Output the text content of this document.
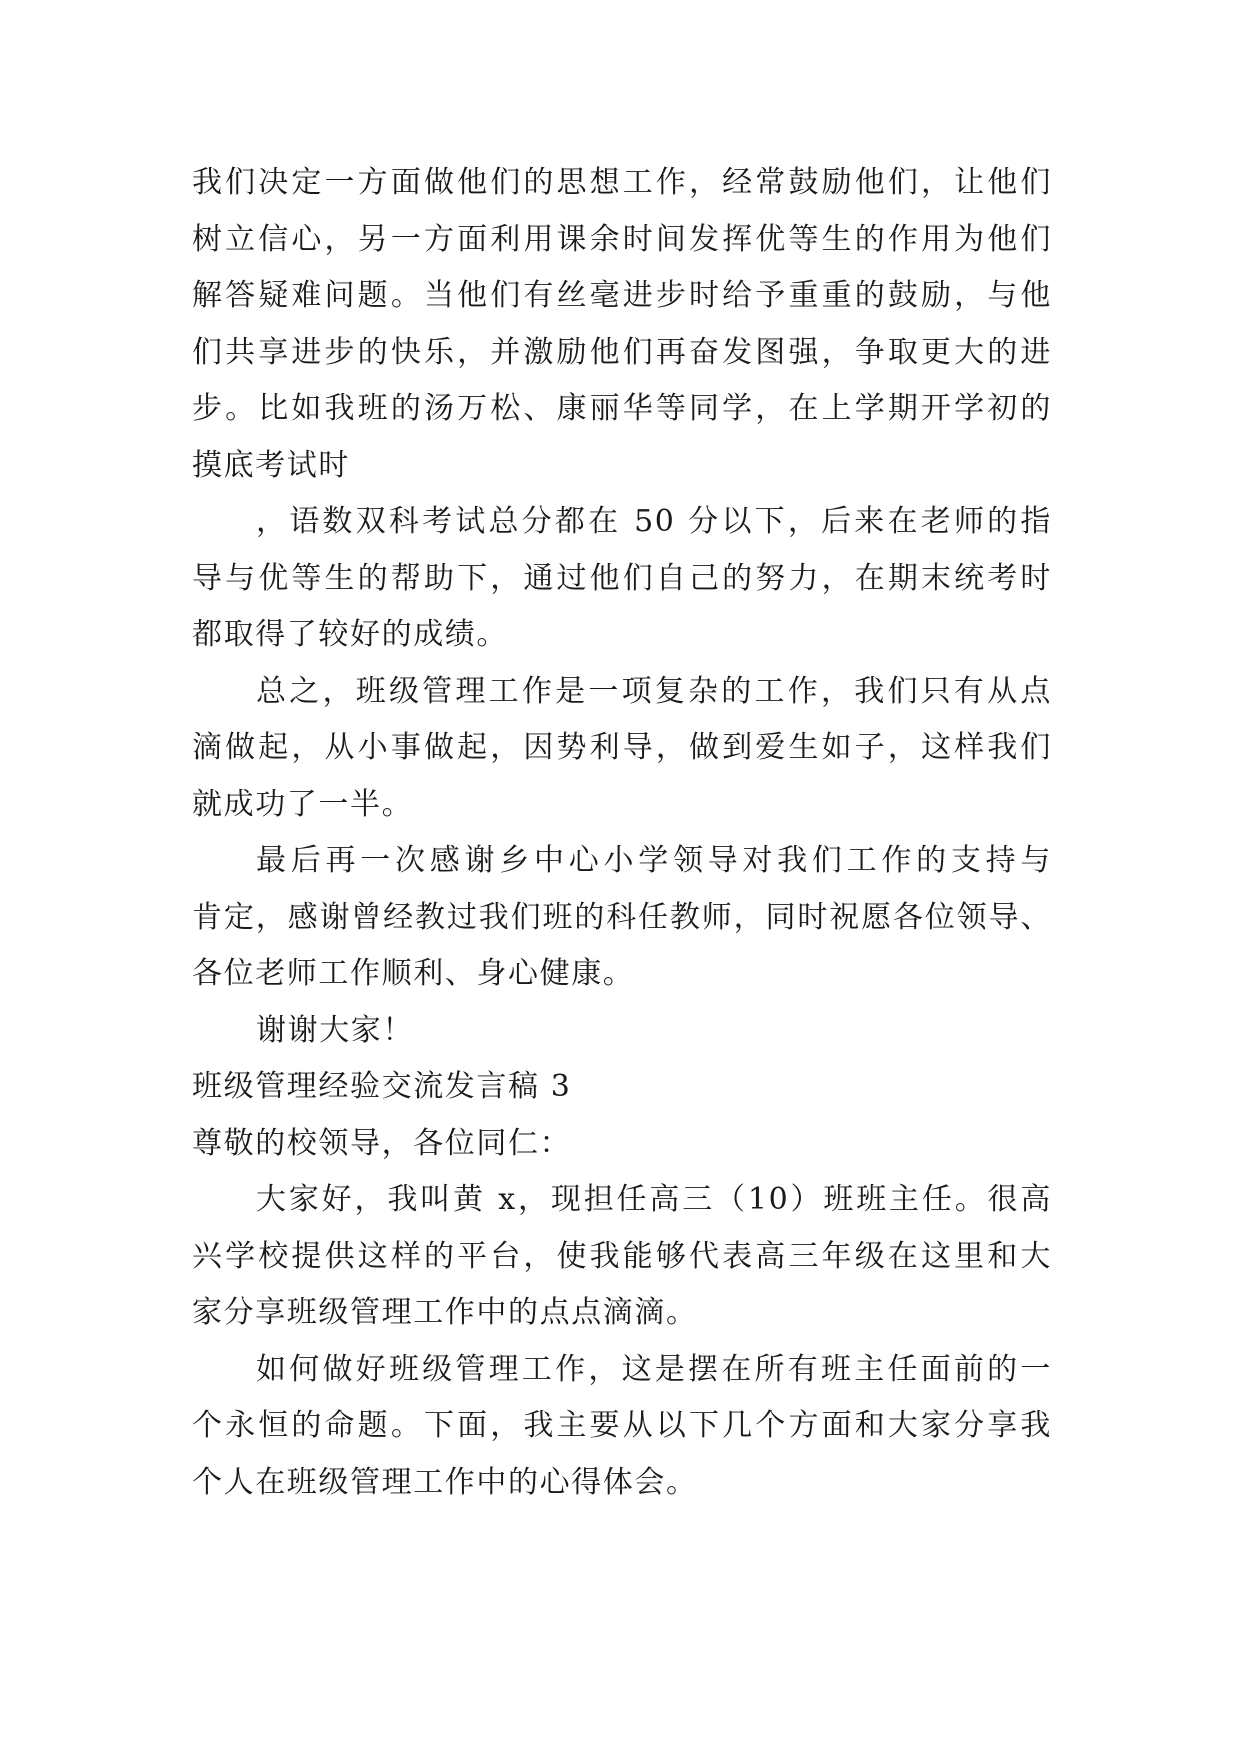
我们决定一方面做他们的思想工作，经常鼓励他们，让他们
树立信心，另一方面利用课余时间发挥优等生的作用为他们
解答疑难问题。当他们有丝毫进步时给予重重的鼓励，与他
们共享进步的快乐，并激励他们再奋发图强，争取更大的进
步。比如我班的汤万松、康丽华等同学，在上学期开学初的
摸底考试时
，语数双科考试总分都在 50 分以下，后来在老师的指
导与优等生的帮助下，通过他们自己的努力，在期末统考时
都取得了较好的成绩。
总之，班级管理工作是一项复杂的工作，我们只有从点
滴做起，从小事做起，因势利导，做到爱生如子，这样我们
就成功了一半。
最后再一次感谢乡中心小学领导对我们工作的支持与
肯定，感谢曾经教过我们班的科任教师，同时祝愿各位领导、
各位老师工作顺利、身心健康。
谢谢大家！
班级管理经验交流发言稿 3
尊敬的校领导，各位同仁：
大家好，我叫黄 x，现担任高三（10）班班主任。很高
兴学校提供这样的平台，使我能够代表高三年级在这里和大
家分享班级管理工作中的点点滴滴。
如何做好班级管理工作，这是摆在所有班主任面前的一
个永恒的命题。下面，我主要从以下几个方面和大家分享我
个人在班级管理工作中的心得体会。
